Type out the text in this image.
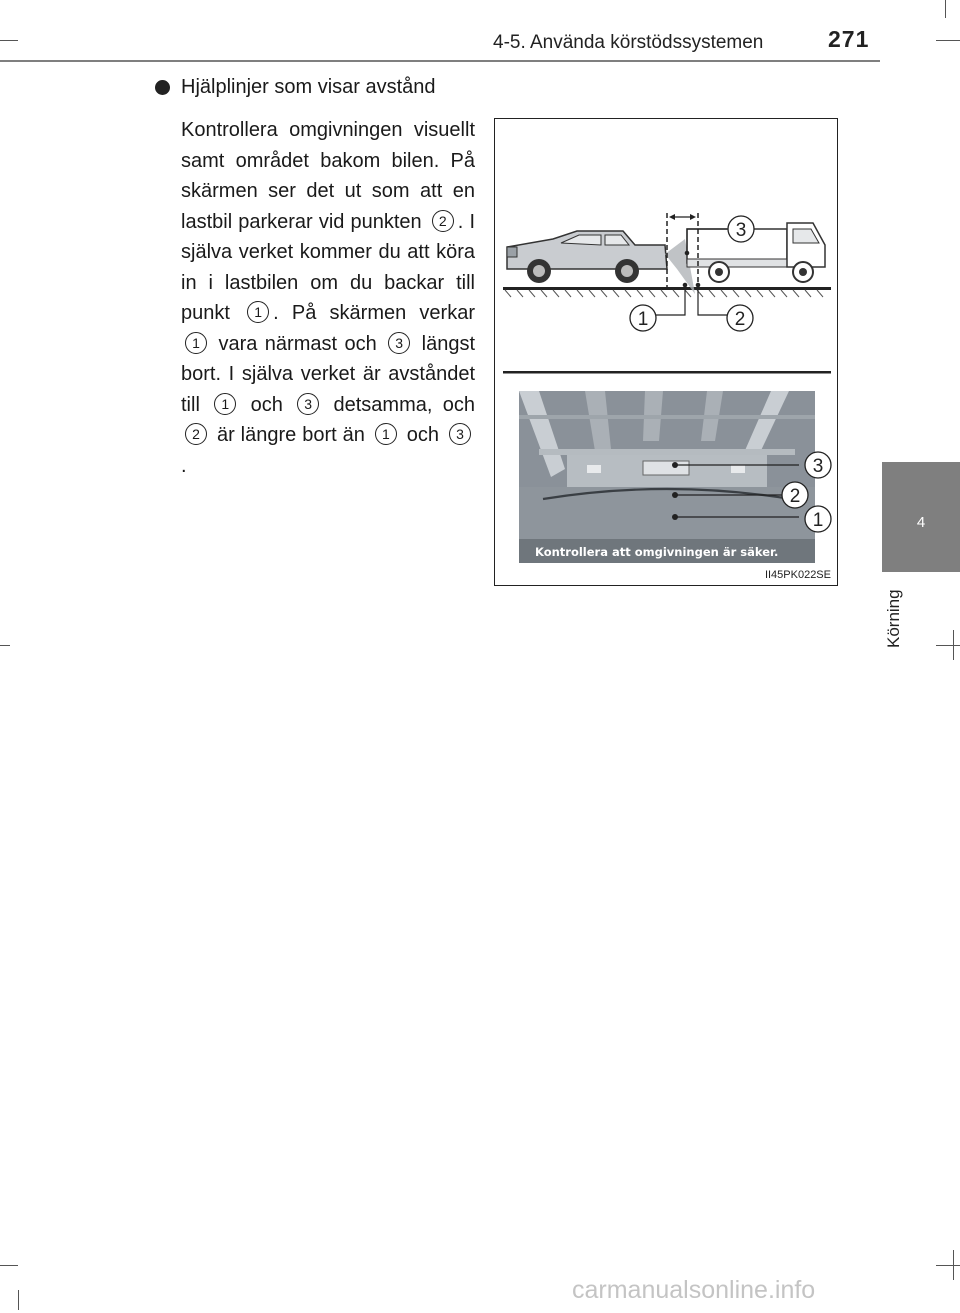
4-5. Använda körstödssystemen	271
4
Körning
Hjälplinjer som visar avstånd
Kontrollera omgivningen visuellt samt området bakom bilen. På skärmen ser det ut som att en lastbil parkerar vid punkten 2 . I själva verket kommer du att köra in i lastbilen om du backar till punkt 1 . På skärmen verkar 1 vara närmast och 3 längst bort. I själva verket är avståndet till 1 och 3 detsamma, och 2 är längre bort än 1 och 3.
1	2
3
Kontrollera att omgivningen är säker.
1
2
3
II45PK022SE
carmanualsonline.info
